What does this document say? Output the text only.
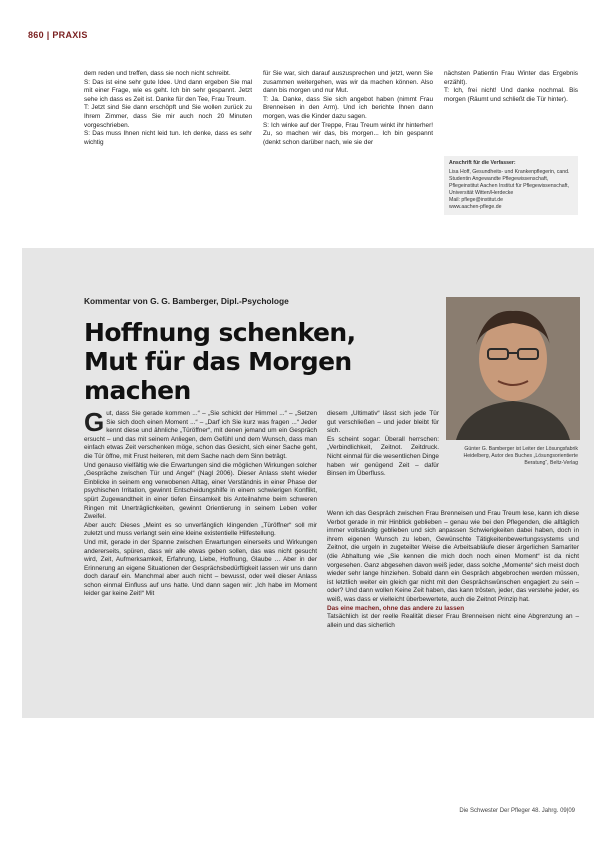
860 | PRAXIS

dem reden und treffen, dass sie noch nicht schreibt.

S: Das ist eine sehr gute Idee. Und dann ergeben Sie mal mit einer Frage, wie es geht. Ich bin sehr gespannt. Jetzt sehe ich dass es Zeit ist. Danke für den Tee, Frau Treum.

T: Jetzt sind Sie dann erschöpft und Sie wollen zurück zu Ihrem Zimmer, dass Sie mir auch noch 20 Minuten vorgeschrieben.

S: Das muss Ihnen nicht leid tun. Ich denke, dass es sehr wichtig

für Sie war, sich darauf auszusprechen und jetzt, wenn Sie zusammen weitergehen, was wir da machen können. Also dann bis morgen und nur Mut.

T: Ja. Danke, dass Sie sich angebot haben (nimmt Frau Brenneisen in den Arm). Und ich berichte Ihnen dann morgen, was die Kinder dazu sagen.

S: Ich winke auf der Treppe, Frau Treum winkt ihr hinterher! Zu, so machen wir das, bis morgen... Ich bin gespannt (denkt schon darüber nach, wie sie der

nächsten Patientin Frau Winter das Ergebnis erzählt).

T: Ich, frei nicht! Und danke nochmal. Bis morgen (Räumt und schließt die Tür hinter).

Anschrift für die Verfasser:
Lisa Hoff, Gesundheits- und Krankenpflegerin, cand. Studentin Angewandte Pflegewissenschaft,
Pflegeinstitut Aachen Institut für Pflegewissenschaft, Universität Witten/Herdecke
Mail: pflege@institut.de
www.aachen-pflege.de
Kommentar von G. G. Bamberger, Dipl.-Psychologe
Hoffnung schenken,
Mut für das Morgen machen
Günter G. Bamberger ist Leiter der Lösungsfabrik Heidelberg, Autor des Buches „Lösungsorientierte Beratung“, Beltz-Verlag

Gut, dass Sie gerade kommen ...“ – „Sie schickt der Himmel ...“ – „Setzen Sie sich doch einen Moment ...“ – „Darf ich Sie kurz was fragen ...“ Jeder kennt diese und ähnliche „Türöffner“, mit denen jemand um ein Gespräch ersucht – und das mit seinem Anliegen, dem Gefühl und dem Wunsch, dass man einfach etwas Zeit verschenken möge, schon das Gesicht, sich einer Sache geht, die Tür öffne, mit Frust heiteren, mit dem Sache nach dem Sinn beträgt.

Und genauso vielfältig wie die Erwartungen sind die möglichen Wirkungen solcher „Gespräche zwischen Tür und Angel“ (Nagl 2006). Dieser Anlass steht wieder Einblicke in seinem eng verwobenen Alltag, einer Verständnis in einer Phase der psychischen Irritation, gewinnt Entscheidungshilfe in einem schwierigen Konflikt, spürt Zugewandtheit in einer tiefen Einsamkeit bis Anteilnahme beim schweren Ringen mit Unerträglichkeiten, gewinnt Orientierung in seinem Leben voller Zweifel.

Aber auch: Dieses „Meint es so unverfänglich klingenden „Türöffner“ soll mir zuletzt und muss verlangt sein eine kleine existentielle Hilfestellung.

Und mit, gerade in der Spanne zwischen Erwartungen einerseits und Wirkungen andererseits, spüren, dass wir alle etwas geben sollen, das was nicht gesucht wird, Zeit, Aufmerksamkeit, Erfahrung, Liebe, Hoffnung, Glaube ... Aber in der Erinnerung an eigene Situationen der Gesprächsbedürftigkeit lassen wir uns dann doch darauf ein. Manchmal aber auch nicht – bewusst, oder weil dieser Anlass schon einmal Einfluss auf uns hatte. Und dann sagen wir: „Ich habe im Moment leider gar keine Zeit!“ Mit

diesem „Ultimativ“ lässt sich jede Tür gut verschließen – und jeder bleibt für sich.

Es scheint sogar: Überall herrschen: „Verbindlichkeit, Zeitnot. Zeitdruck. Nicht einmal für die wesentlichen Dinge haben wir genügend Zeit – dafür Binsen im Überfluss.

Wenn ich das Gespräch zwischen Frau Brenneisen und Frau Treum lese, kann ich diese Verbot gerade in mir Hinblick geblieben – genau wie bei den Pflegenden, die alltäglich immer vollständig geblieben und sich anpassen Schwierigkeiten dabei haben, doch in ihrem eigenen Wunsch zu leben, Gewünschte Tätigkeitenbewertungssystems und Zeitnot, die urgeln in zugeteilter Weise die Arbeitsabläufe dieser ärgerlichen Samariter (die Abhaltung wie „Sie kennen die mich doch noch einen Moment“ ist da nicht vorgesehen. Ganz abgesehen davon weiß jeder, dass solche „Momente“ sich meist doch wieder sehr lange hinziehen. Sobald dann ein Gespräch abgebrochen werden müssen, ist letztlich weiter ein gleich gar nicht mit den Gesprächswünschen engagiert zu sein – oder? Und dann wollen Keine Zeit haben, das kann trösten, jeder, das verstehe jeder, es weiß, was dass er vielleicht überbewertete, auch die Zeitnot Prinzip hat.

Das eine machen, ohne das andere zu lassen

Tatsächlich ist der reelle Realität dieser Frau Brenneisen nicht eine Abgrenzung an – allein und das sicherlich

Die Schwester Der Pfleger 48. Jahrg. 09|09
